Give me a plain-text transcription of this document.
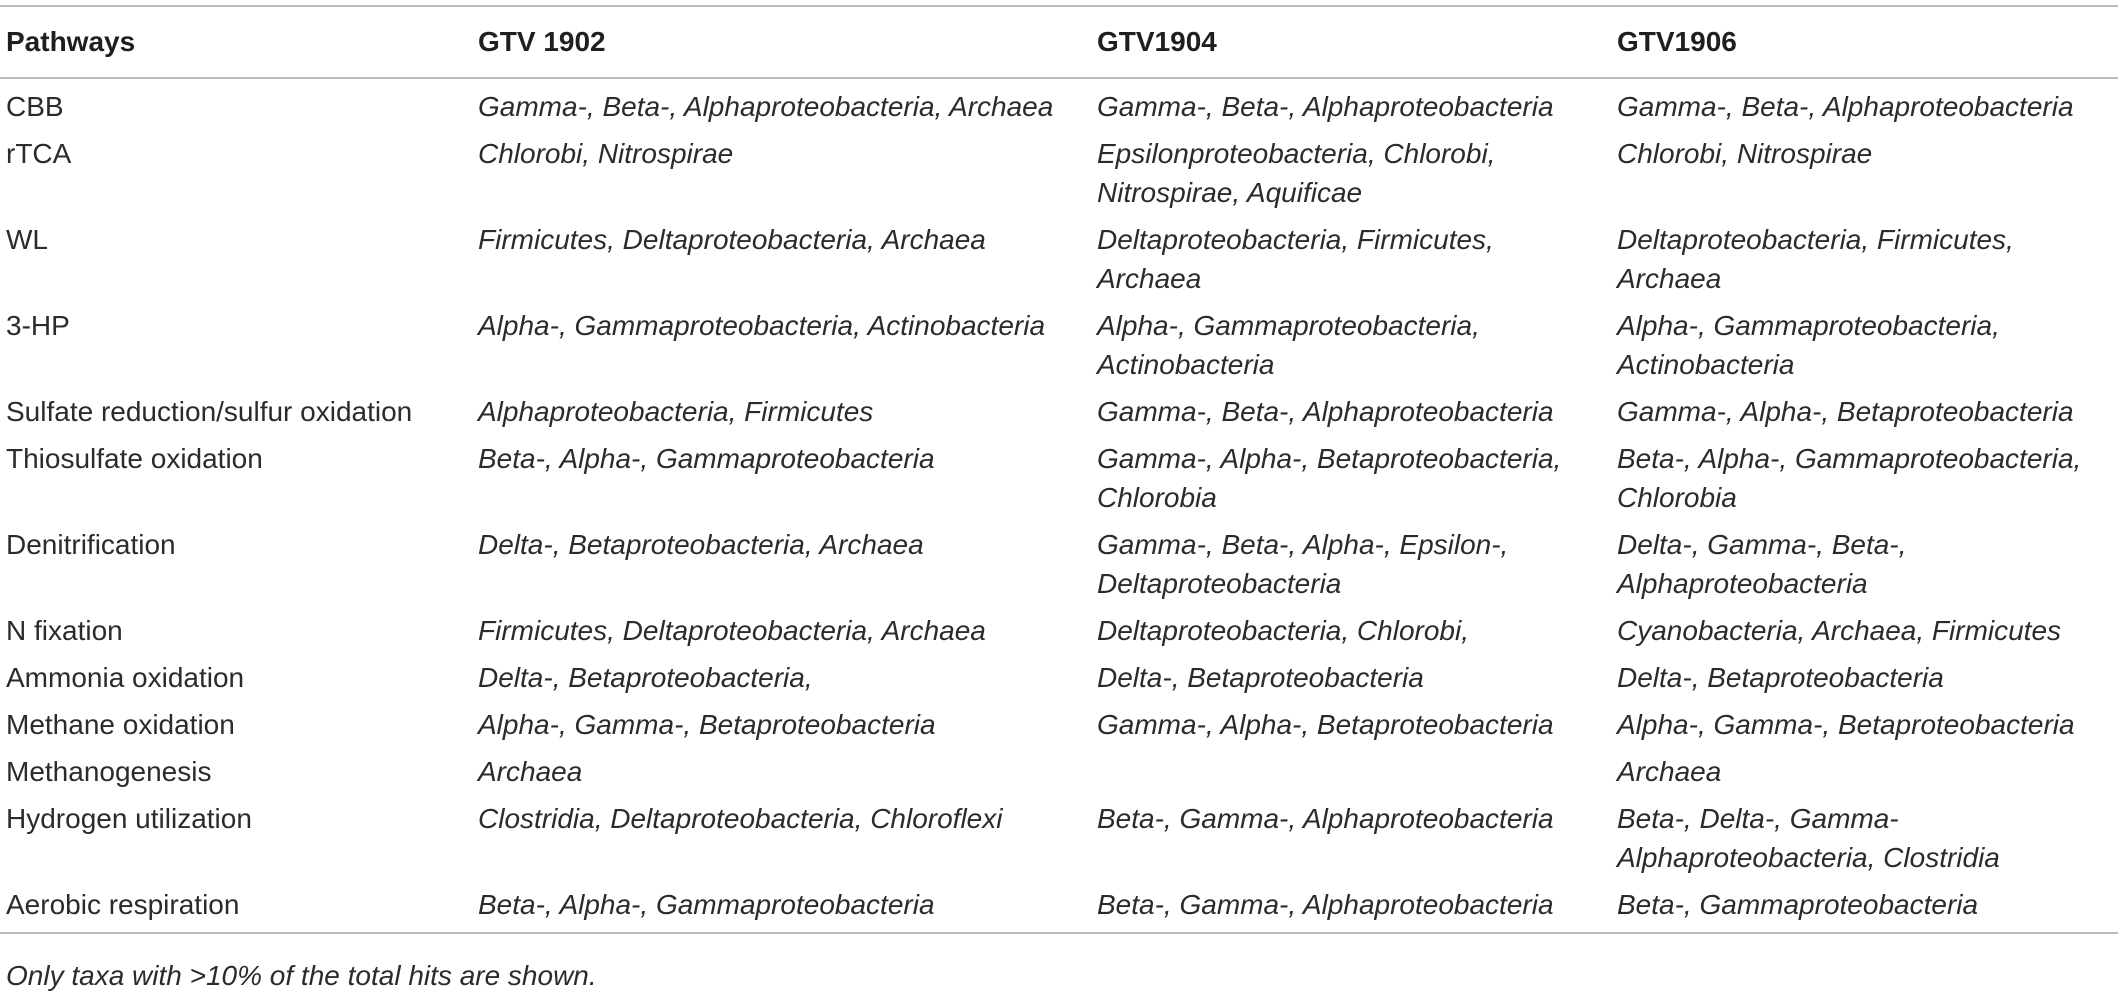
Pathways	GTV 1902	GTV1904	GTV1906
CBB	Gamma-, Beta-, Alphaproteobacteria, Archaea	Gamma-, Beta-, Alphaproteobacteria	Gamma-, Beta-, Alphaproteobacteria
rTCA	Chlorobi, Nitrospirae	Epsilonproteobacteria, Chlorobi, Nitrospirae, Aquificae	Chlorobi, Nitrospirae
WL	Firmicutes, Deltaproteobacteria, Archaea	Deltaproteobacteria, Firmicutes, Archaea	Deltaproteobacteria, Firmicutes, Archaea
3-HP	Alpha-, Gammaproteobacteria, Actinobacteria	Alpha-, Gammaproteobacteria, Actinobacteria	Alpha-, Gammaproteobacteria, Actinobacteria
Sulfate reduction/sulfur oxidation	Alphaproteobacteria, Firmicutes	Gamma-, Beta-, Alphaproteobacteria	Gamma-, Alpha-, Betaproteobacteria
Thiosulfate oxidation	Beta-, Alpha-, Gammaproteobacteria	Gamma-, Alpha-, Betaproteobacteria, Chlorobia	Beta-, Alpha-, Gammaproteobacteria, Chlorobia
Denitrification	Delta-, Betaproteobacteria, Archaea	Gamma-, Beta-, Alpha-, Epsilon-, Deltaproteobacteria	Delta-, Gamma-, Beta-, Alphaproteobacteria
N fixation	Firmicutes, Deltaproteobacteria, Archaea	Deltaproteobacteria, Chlorobi,	Cyanobacteria, Archaea, Firmicutes
Ammonia oxidation	Delta-, Betaproteobacteria,	Delta-, Betaproteobacteria	Delta-, Betaproteobacteria
Methane oxidation	Alpha-, Gamma-, Betaproteobacteria	Gamma-, Alpha-, Betaproteobacteria	Alpha-, Gamma-, Betaproteobacteria
Methanogenesis	Archaea		Archaea
Hydrogen utilization	Clostridia, Deltaproteobacteria, Chloroflexi	Beta-, Gamma-, Alphaproteobacteria	Beta-, Delta-, Gamma-Alphaproteobacteria, Clostridia
Aerobic respiration	Beta-, Alpha-, Gammaproteobacteria	Beta-, Gamma-, Alphaproteobacteria	Beta-, Gammaproteobacteria
Only taxa with >10% of the total hits are shown.
